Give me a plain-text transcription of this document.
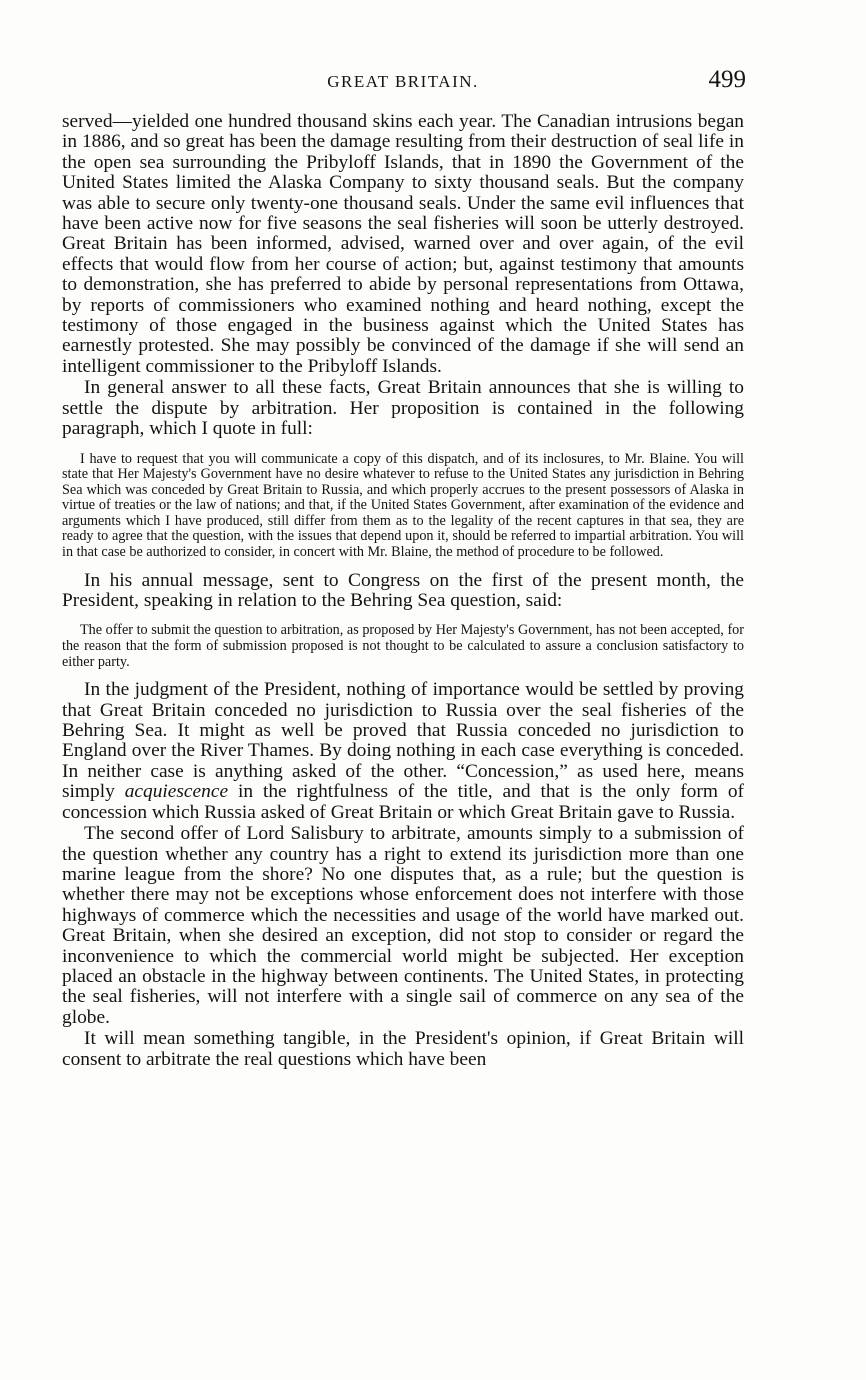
GREAT BRITAIN.	499

served—yielded one hundred thousand skins each year. The Canadian intrusions began in 1886, and so great has been the damage resulting from their destruction of seal life in the open sea surrounding the Pribyloff Islands, that in 1890 the Government of the United States limited the Alaska Company to sixty thousand seals. But the company was able to secure only twenty-one thousand seals. Under the same evil influences that have been active now for five seasons the seal fisheries will soon be utterly destroyed. Great Britain has been informed, advised, warned over and over again, of the evil effects that would flow from her course of action; but, against testimony that amounts to demonstration, she has preferred to abide by personal representations from Ottawa, by reports of commissioners who examined nothing and heard nothing, except the testimony of those engaged in the business against which the United States has earnestly protested. She may possibly be convinced of the damage if she will send an intelligent commissioner to the Pribyloff Islands.

In general answer to all these facts, Great Britain announces that she is willing to settle the dispute by arbitration. Her proposition is contained in the following paragraph, which I quote in full:

I have to request that you will communicate a copy of this dispatch, and of its inclosures, to Mr. Blaine. You will state that Her Majesty's Government have no desire whatever to refuse to the United States any jurisdiction in Behring Sea which was conceded by Great Britain to Russia, and which properly accrues to the present possessors of Alaska in virtue of treaties or the law of nations; and that, if the United States Government, after examination of the evidence and arguments which I have produced, still differ from them as to the legality of the recent captures in that sea, they are ready to agree that the question, with the issues that depend upon it, should be referred to impartial arbitration. You will in that case be authorized to consider, in concert with Mr. Blaine, the method of procedure to be followed.

In his annual message, sent to Congress on the first of the present month, the President, speaking in relation to the Behring Sea question, said:

The offer to submit the question to arbitration, as proposed by Her Majesty's Government, has not been accepted, for the reason that the form of submission proposed is not thought to be calculated to assure a conclusion satisfactory to either party.

In the judgment of the President, nothing of importance would be settled by proving that Great Britain conceded no jurisdiction to Russia over the seal fisheries of the Behring Sea. It might as well be proved that Russia conceded no jurisdiction to England over the River Thames. By doing nothing in each case everything is conceded. In neither case is anything asked of the other. “Concession,” as used here, means simply acquiescence in the rightfulness of the title, and that is the only form of concession which Russia asked of Great Britain or which Great Britain gave to Russia.

The second offer of Lord Salisbury to arbitrate, amounts simply to a submission of the question whether any country has a right to extend its jurisdiction more than one marine league from the shore? No one disputes that, as a rule; but the question is whether there may not be exceptions whose enforcement does not interfere with those highways of commerce which the necessities and usage of the world have marked out. Great Britain, when she desired an exception, did not stop to consider or regard the inconvenience to which the commercial world might be subjected. Her exception placed an obstacle in the highway between continents. The United States, in protecting the seal fisheries, will not interfere with a single sail of commerce on any sea of the globe.

It will mean something tangible, in the President's opinion, if Great Britain will consent to arbitrate the real questions which have been
